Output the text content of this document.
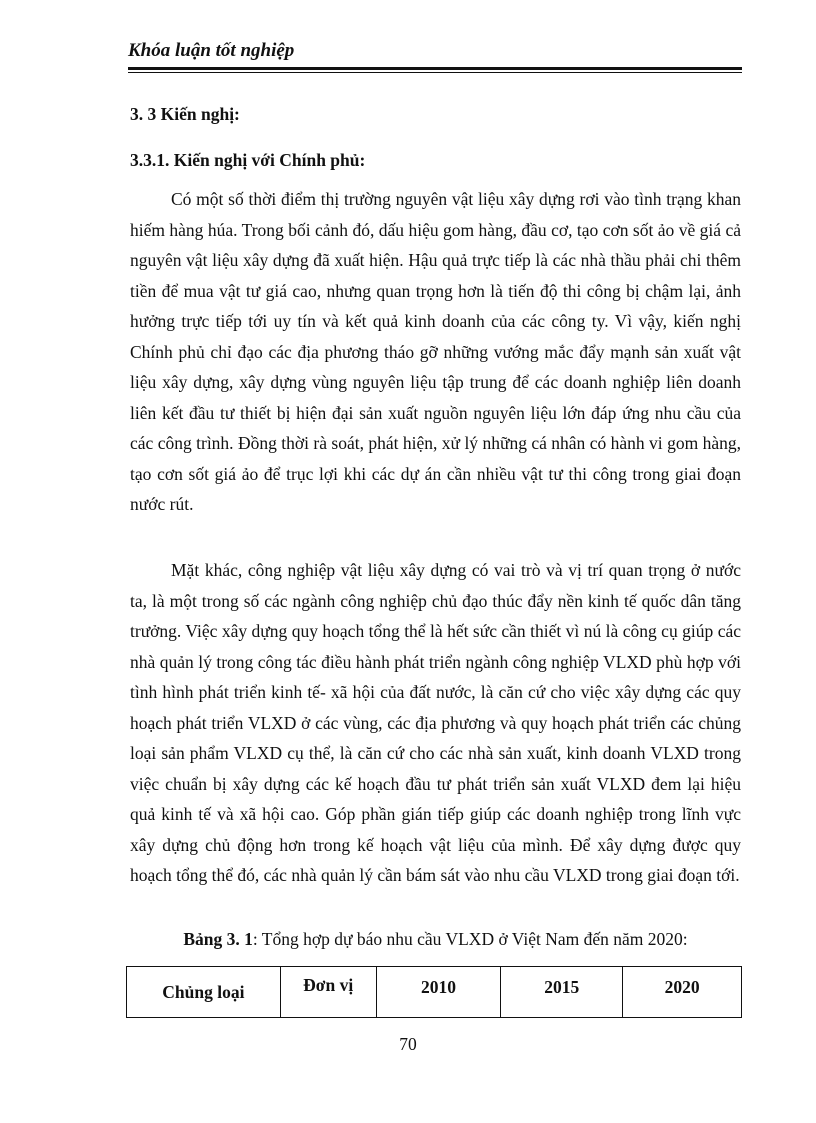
Khóa luận tốt nghiệp
3. 3 Kiến nghị:
3.3.1. Kiến nghị với Chính phủ:

Có một số thời điểm thị trường nguyên vật liệu xây dựng rơi vào tình trạng khan hiếm hàng húa. Trong bối cảnh đó, dấu hiệu gom hàng, đầu cơ, tạo cơn sốt ảo về giá cả nguyên vật liệu xây dựng đã xuất hiện. Hậu quả trực tiếp là các nhà thầu phải chi thêm tiền để mua vật tư giá cao, nhưng quan trọng hơn là tiến độ thi công bị chậm lại, ảnh hưởng trực tiếp tới uy tín và kết quả kinh doanh của các công ty. Vì vậy, kiến nghị Chính phủ chỉ đạo các địa phương tháo gỡ những vướng mắc đẩy mạnh sản xuất vật liệu xây dựng, xây dựng vùng nguyên liệu tập trung để các doanh nghiệp liên doanh liên kết đầu tư thiết bị hiện đại sản xuất nguồn nguyên liệu lớn đáp ứng nhu cầu của các công trình. Đồng thời rà soát, phát hiện, xử lý những cá nhân có hành vi gom hàng, tạo cơn sốt giá ảo để trục lợi khi các dự án cần nhiều vật tư thi công trong giai đoạn nước rút.

Mặt khác, công nghiệp vật liệu xây dựng có vai trò và vị trí quan trọng ở nước ta, là một trong số các ngành công nghiệp chủ đạo thúc đẩy nền kinh tế quốc dân tăng trưởng. Việc xây dựng quy hoạch tổng thể là hết sức cần thiết vì nú là công cụ giúp các nhà quản lý trong công tác điều hành phát triển ngành công nghiệp VLXD phù hợp với tình hình phát triển kinh tế- xã hội của đất nước, là căn cứ cho việc xây dựng các quy hoạch phát triển VLXD ở các vùng, các địa phương và quy hoạch phát triển các chủng loại sản phẩm VLXD cụ thể, là căn cứ cho các nhà sản xuất, kinh doanh VLXD trong việc chuẩn bị xây dựng các kế hoạch đầu tư phát triển sản xuất VLXD đem lại hiệu quả kinh tế và xã hội cao. Góp phần gián tiếp giúp các doanh nghiệp trong lĩnh vực xây dựng chủ động hơn trong kế hoạch vật liệu của mình. Để xây dựng được quy hoạch tổng thể đó, các nhà quản lý cần bám sát vào nhu cầu VLXD trong giai đoạn tới.

Bảng 3. 1: Tổng hợp dự báo nhu cầu VLXD ở Việt Nam đến năm 2020:
Chủng loại	Đơn vị	2010	2015	2020
70
